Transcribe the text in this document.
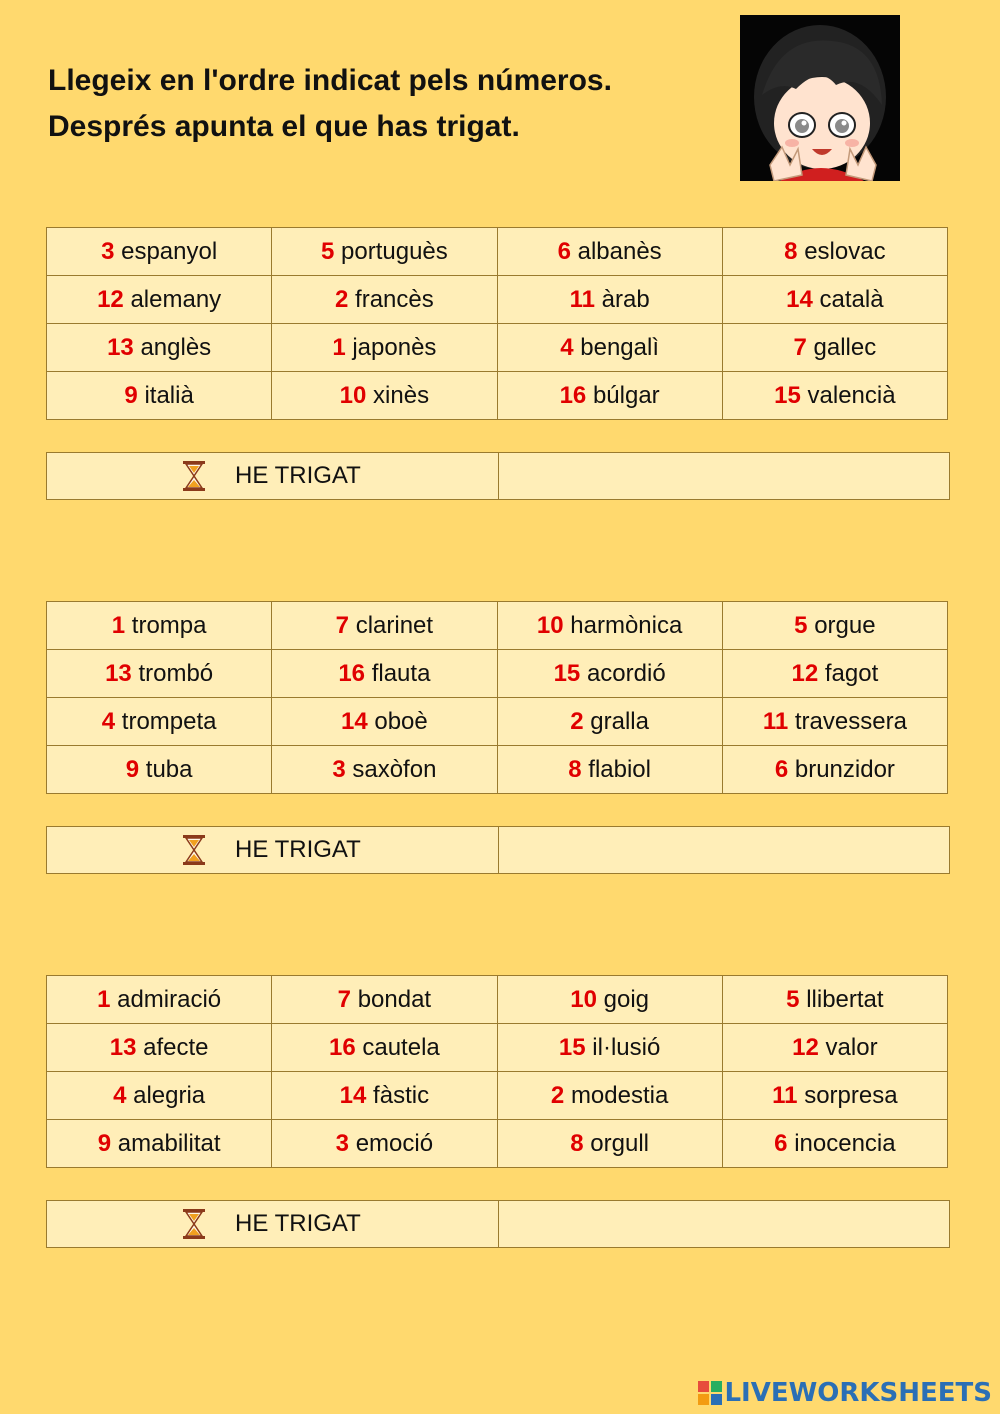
Llegeix en l'ordre indicat pels números.
Després apunta el que has trigat.
3 espanyol	5 portuguès	6 albanès	8 eslovac
12 alemany	2 francès	11 àrab	14 català
13 anglès	1 japonès	4 bengalì	7 gallec
9 italià	10 xinès	16 búlgar	15 valencià
HE TRIGAT
1 trompa	7 clarinet	10 harmònica	5 orgue
13 trombó	16 flauta	15 acordió	12 fagot
4 trompeta	14 oboè	2 gralla	11 travessera
9 tuba	3 saxòfon	8 flabiol	6 brunzidor
HE TRIGAT
1 admiració	7 bondat	10 goig	5 llibertat
13 afecte	16 cautela	15 il·lusió	12 valor
4 alegria	14 fàstic	2 modestia	11 sorpresa
9 amabilitat	3 emoció	8 orgull	6 inocencia
HE TRIGAT
LIVEWORKSHEETS
